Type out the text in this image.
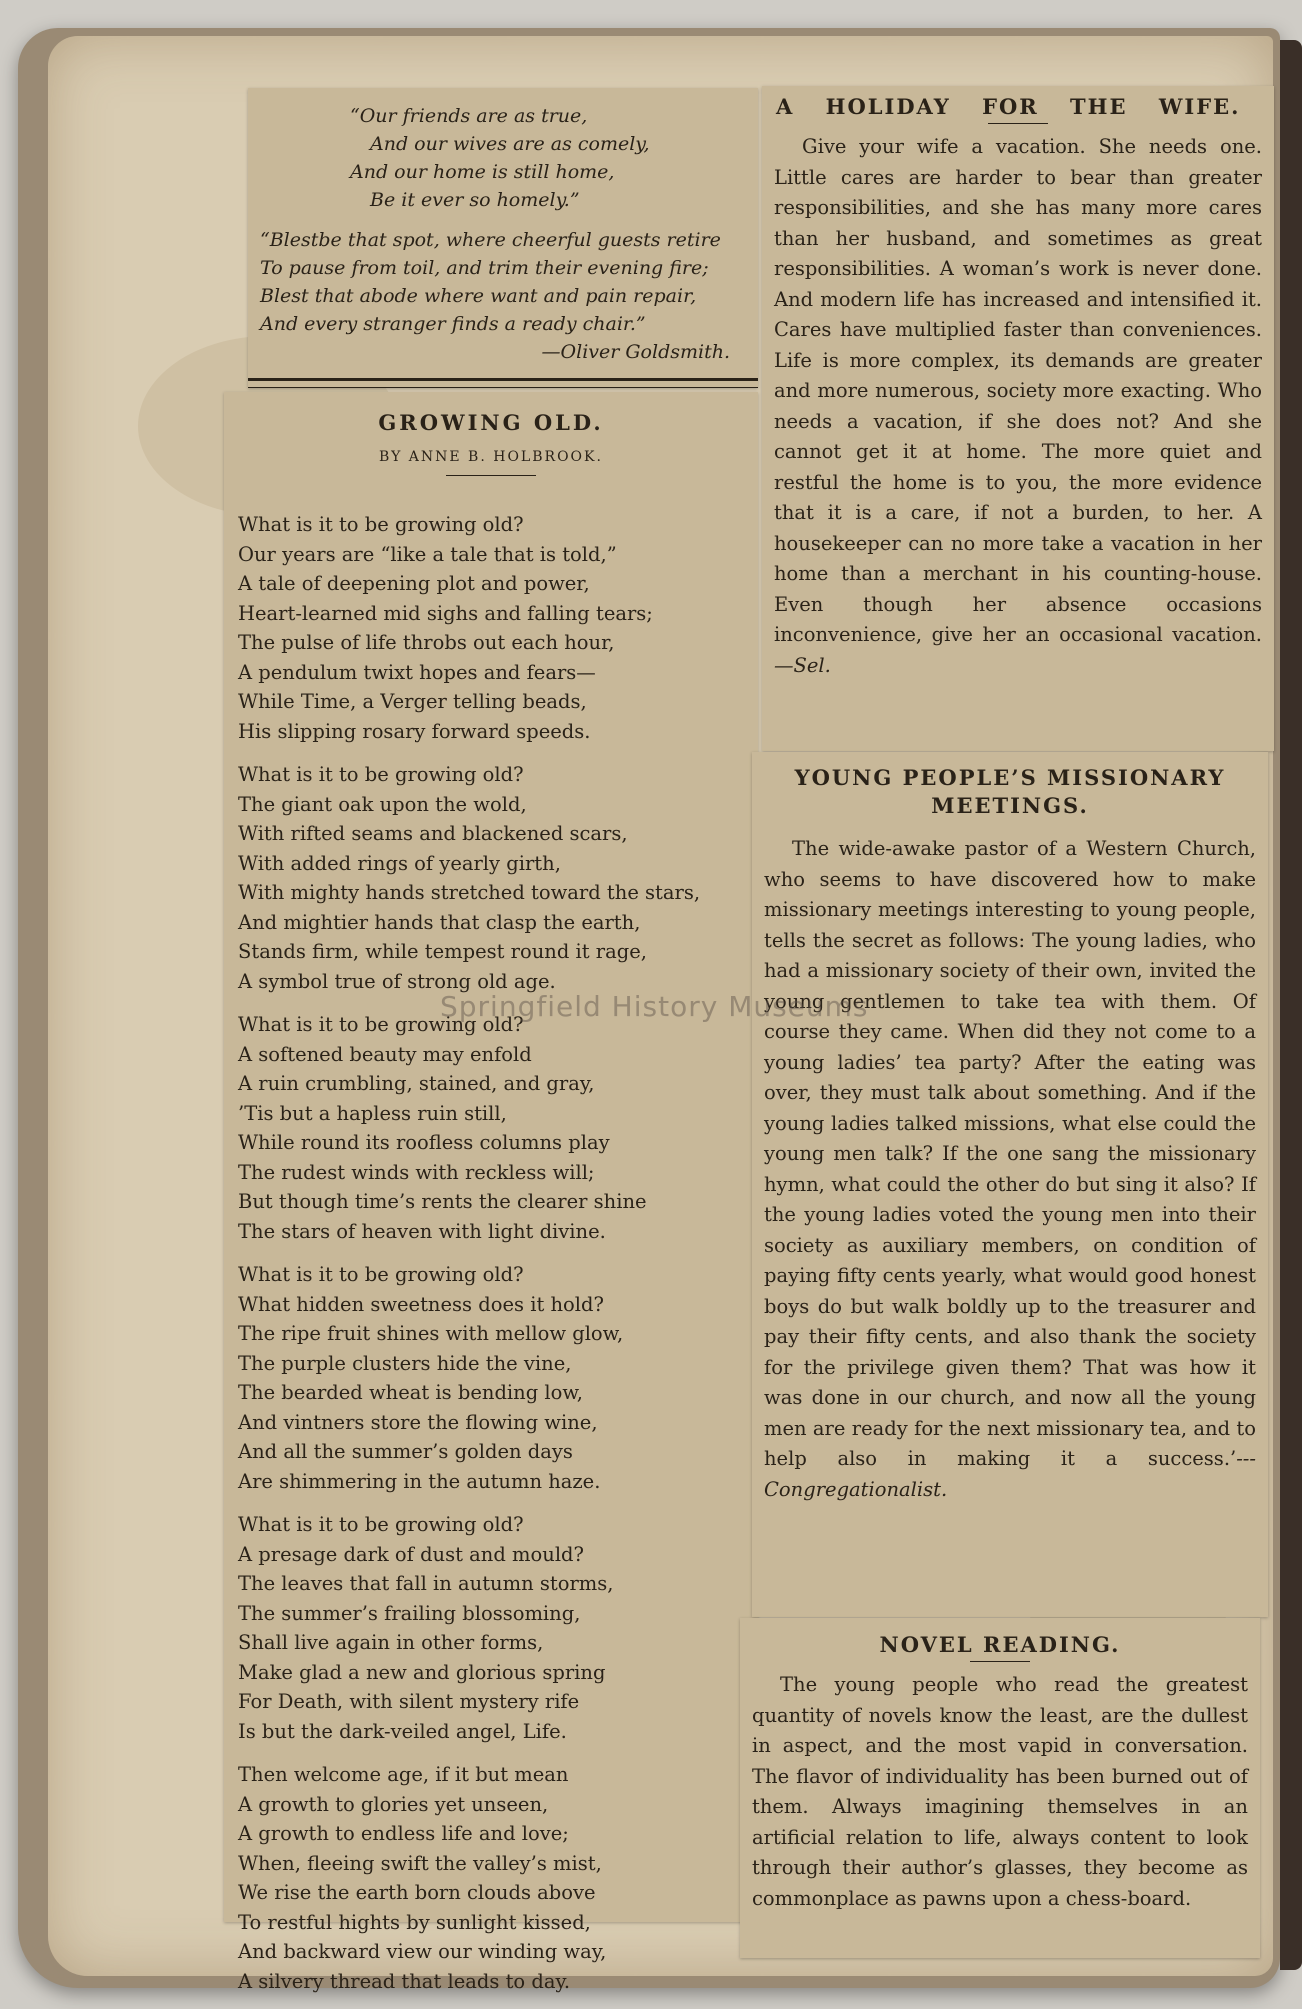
“Our friends are as true,
And our wives are as comely,
And our home is still home,
Be it ever so homely.”
“Blestbe that spot, where cheerful guests retire
To pause from toil, and trim their evening fire;
Blest that abode where want and pain repair,
And every stranger finds a ready chair.”
—Oliver Goldsmith.
GROWING OLD.
BY ANNE B. HOLBROOK.
What is it to be growing old?
Our years are “like a tale that is told,”
A tale of deepening plot and power,
Heart-learned mid sighs and falling tears;
The pulse of life throbs out each hour,
A pendulum twixt hopes and fears—
While Time, a Verger telling beads,
His slipping rosary forward speeds.
What is it to be growing old?
The giant oak upon the wold,
With rifted seams and blackened scars,
With added rings of yearly girth,
With mighty hands stretched toward the stars,
And mightier hands that clasp the earth,
Stands firm, while tempest round it rage,
A symbol true of strong old age.
What is it to be growing old?
A softened beauty may enfold
A ruin crumbling, stained, and gray,
’Tis but a hapless ruin still,
While round its roofless columns play
The rudest winds with reckless will;
But though time’s rents the clearer shine
The stars of heaven with light divine.
What is it to be growing old?
What hidden sweetness does it hold?
The ripe fruit shines with mellow glow,
The purple clusters hide the vine,
The bearded wheat is bending low,
And vintners store the flowing wine,
And all the summer’s golden days
Are shimmering in the autumn haze.
What is it to be growing old?
A presage dark of dust and mould?
The leaves that fall in autumn storms,
The summer’s frailing blossoming,
Shall live again in other forms,
Make glad a new and glorious spring
For Death, with silent mystery rife
Is but the dark-veiled angel, Life.
Then welcome age, if it but mean
A growth to glories yet unseen,
A growth to endless life and love;
When, fleeing swift the valley’s mist,
We rise the earth born clouds above
To restful hights by sunlight kissed,
And backward view our winding way,
A silvery thread that leads to day.
A HOLIDAY FOR THE WIFE.

Give your wife a vacation. She needs one. Little cares are harder to bear than greater responsibilities, and she has many more cares than her husband, and sometimes as great responsibilities. A woman’s work is never done. And modern life has increased and intensified it. Cares have multiplied faster than conveniences. Life is more complex, its demands are greater and more numerous, society more exacting. Who needs a vacation, if she does not? And she cannot get it at home. The more quiet and restful the home is to you, the more evidence that it is a care, if not a burden, to her. A housekeeper can no more take a vacation in her home than a merchant in his counting-house. Even though her absence occasions inconvenience, give her an occasional vacation. —Sel.

YOUNG PEOPLE’S MISSIONARY MEETINGS.

The wide-awake pastor of a Western Church, who seems to have discovered how to make missionary meetings interesting to young people, tells the secret as follows: The young ladies, who had a missionary society of their own, invited the young gentlemen to take tea with them. Of course they came. When did they not come to a young ladies’ tea party? After the eating was over, they must talk about something. And if the young ladies talked missions, what else could the young men talk? If the one sang the missionary hymn, what could the other do but sing it also? If the young ladies voted the young men into their society as auxiliary members, on condition of paying fifty cents yearly, what would good honest boys do but walk boldly up to the treasurer and pay their fifty cents, and also thank the society for the privilege given them? That was how it was done in our church, and now all the young men are ready for the next missionary tea, and to help also in making it a success.’---Congregationalist.

NOVEL READING.

The young people who read the greatest quantity of novels know the least, are the dullest in aspect, and the most vapid in conversation. The flavor of individuality has been burned out of them. Always imagining themselves in an artificial relation to life, always content to look through their author’s glasses, they become as commonplace as pawns upon a chess-board.

Springfield History Museums
